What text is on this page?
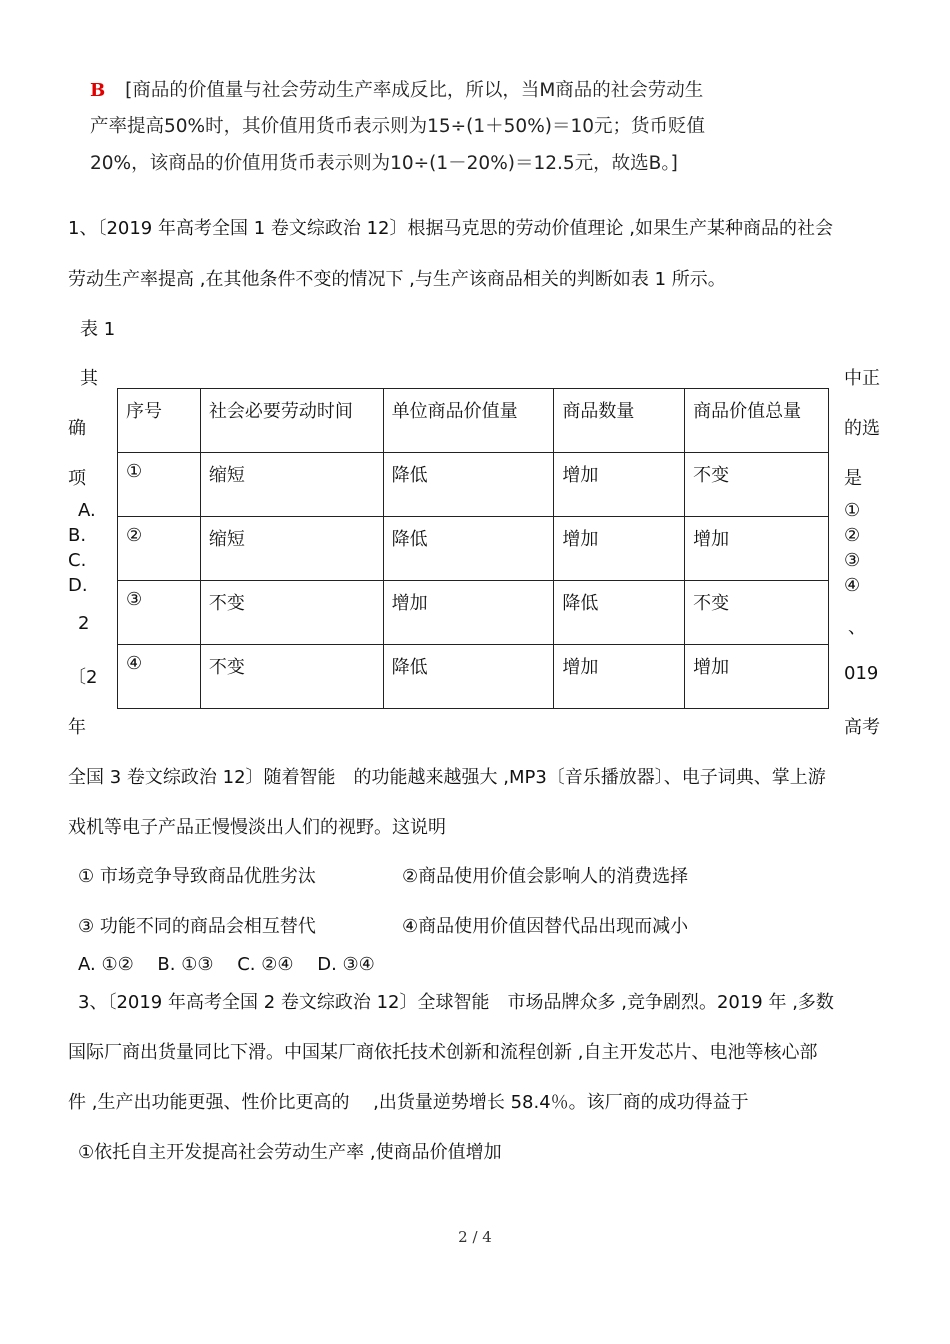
B [商品的价值量与社会劳动生产率成反比，所以，当M商品的社会劳动生
产率提高50%时，其价值用货币表示则为15÷(1＋50%)＝10元；货币贬值
20%，该商品的价值用货币表示则为10÷(1－20%)＝12.5元，故选B。]
1、〔2019 年高考全国 1 卷文综政治 12〕根据马克思的劳动价值理论 ,如果生产某种商品的社会
劳动生产率提高 ,在其他条件不变的情况下 ,与生产该商品相关的判断如表 1 所示。
表 1
其
确
项
A.
B.
C.
D.
2
〔2
年
中正
的选
是
①
②
③
④
、
019
高考
序号	社会必要劳动时间	单位商品价值量	商品数量	商品价值总量
①	缩短	降低	增加	不变
②	缩短	降低	增加	增加
③	不变	增加	降低	不变
④	不变	降低	增加	增加
全国 3 卷文综政治 12〕随着智能　的功能越来越强大 ,MP3〔音乐播放器〕、电子词典、掌上游
戏机等电子产品正慢慢淡出人们的视野。这说明
① 市场竞争导致商品优胜劣汰	②商品使用价值会影响人的消费选择
③ 功能不同的商品会相互替代	④商品使用价值因替代品出现而减小
A. ①②　 B. ①③　 C. ②④　 D. ③④
3、〔2019 年高考全国 2 卷文综政治 12〕全球智能　市场品牌众多 ,竞争剧烈。2019 年 ,多数
国际厂商出货量同比下滑。中国某厂商依托技术创新和流程创新 ,自主开发芯片、电池等核心部
件 ,生产出功能更强、性价比更高的　 ,出货量逆势增长 58.4％。该厂商的成功得益于
①依托自主开发提高社会劳动生产率 ,使商品价值增加
2 / 4
